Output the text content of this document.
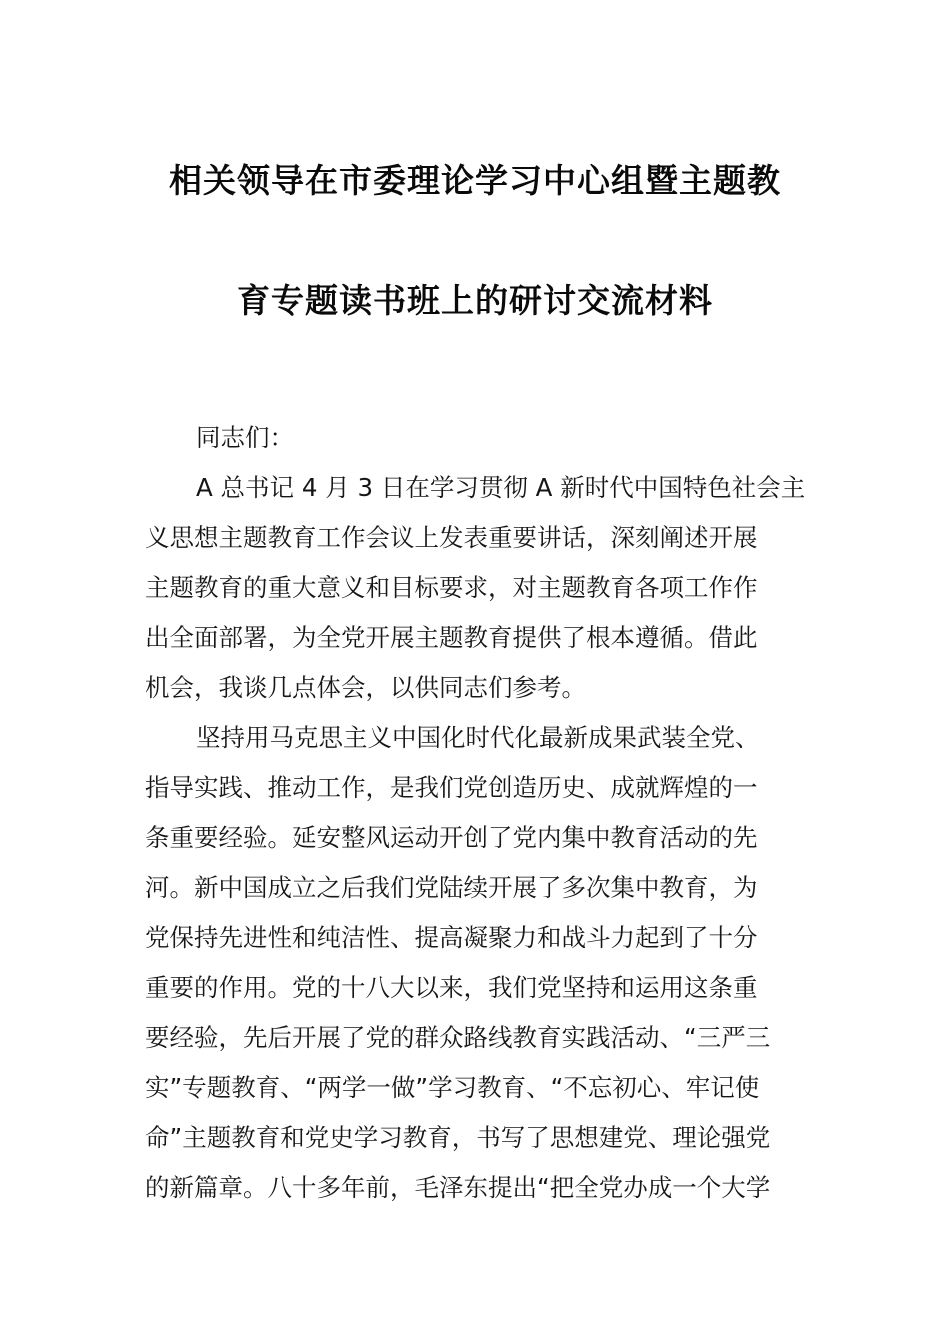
相关领导在市委理论学习中心组暨主题教
育专题读书班上的研讨交流材料
同志们：
A 总书记 4 月 3 日在学习贯彻 A 新时代中国特色社会主
义思想主题教育工作会议上发表重要讲话，深刻阐述开展
主题教育的重大意义和目标要求，对主题教育各项工作作
出全面部署，为全党开展主题教育提供了根本遵循。借此
机会，我谈几点体会，以供同志们参考。
坚持用马克思主义中国化时代化最新成果武装全党、
指导实践、推动工作，是我们党创造历史、成就辉煌的一
条重要经验。延安整风运动开创了党内集中教育活动的先
河。新中国成立之后我们党陆续开展了多次集中教育，为
党保持先进性和纯洁性、提高凝聚力和战斗力起到了十分
重要的作用。党的十八大以来，我们党坚持和运用这条重
要经验，先后开展了党的群众路线教育实践活动、“三严三
实”专题教育、“两学一做”学习教育、“不忘初心、牢记使
命”主题教育和党史学习教育，书写了思想建党、理论强党
的新篇章。八十多年前，毛泽东提出“把全党办成一个大学
